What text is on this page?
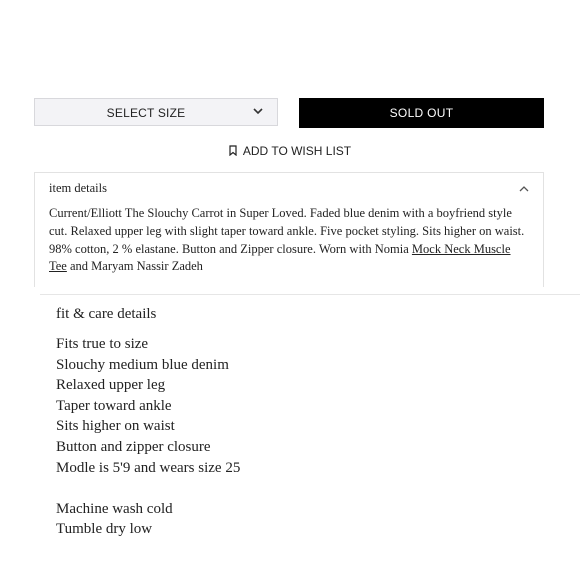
SELECT SIZE	SOLD OUT
ADD TO WISH LIST
item details
Current/Elliott The Slouchy Carrot in Super Loved. Faded blue denim with a boyfriend style cut. Relaxed upper leg with slight taper toward ankle. Five pocket styling. Sits higher on waist. 98% cotton, 2 % elastane. Button and Zipper closure. Worn with Nomia Mock Neck Muscle Tee and Maryam Nassir Zadeh
fit & care details
Fits true to size
Slouchy medium blue denim
Relaxed upper leg
Taper toward ankle
Sits higher on waist
Button and zipper closure
Modle is 5'9 and wears size 25
Machine wash cold
Tumble dry low
